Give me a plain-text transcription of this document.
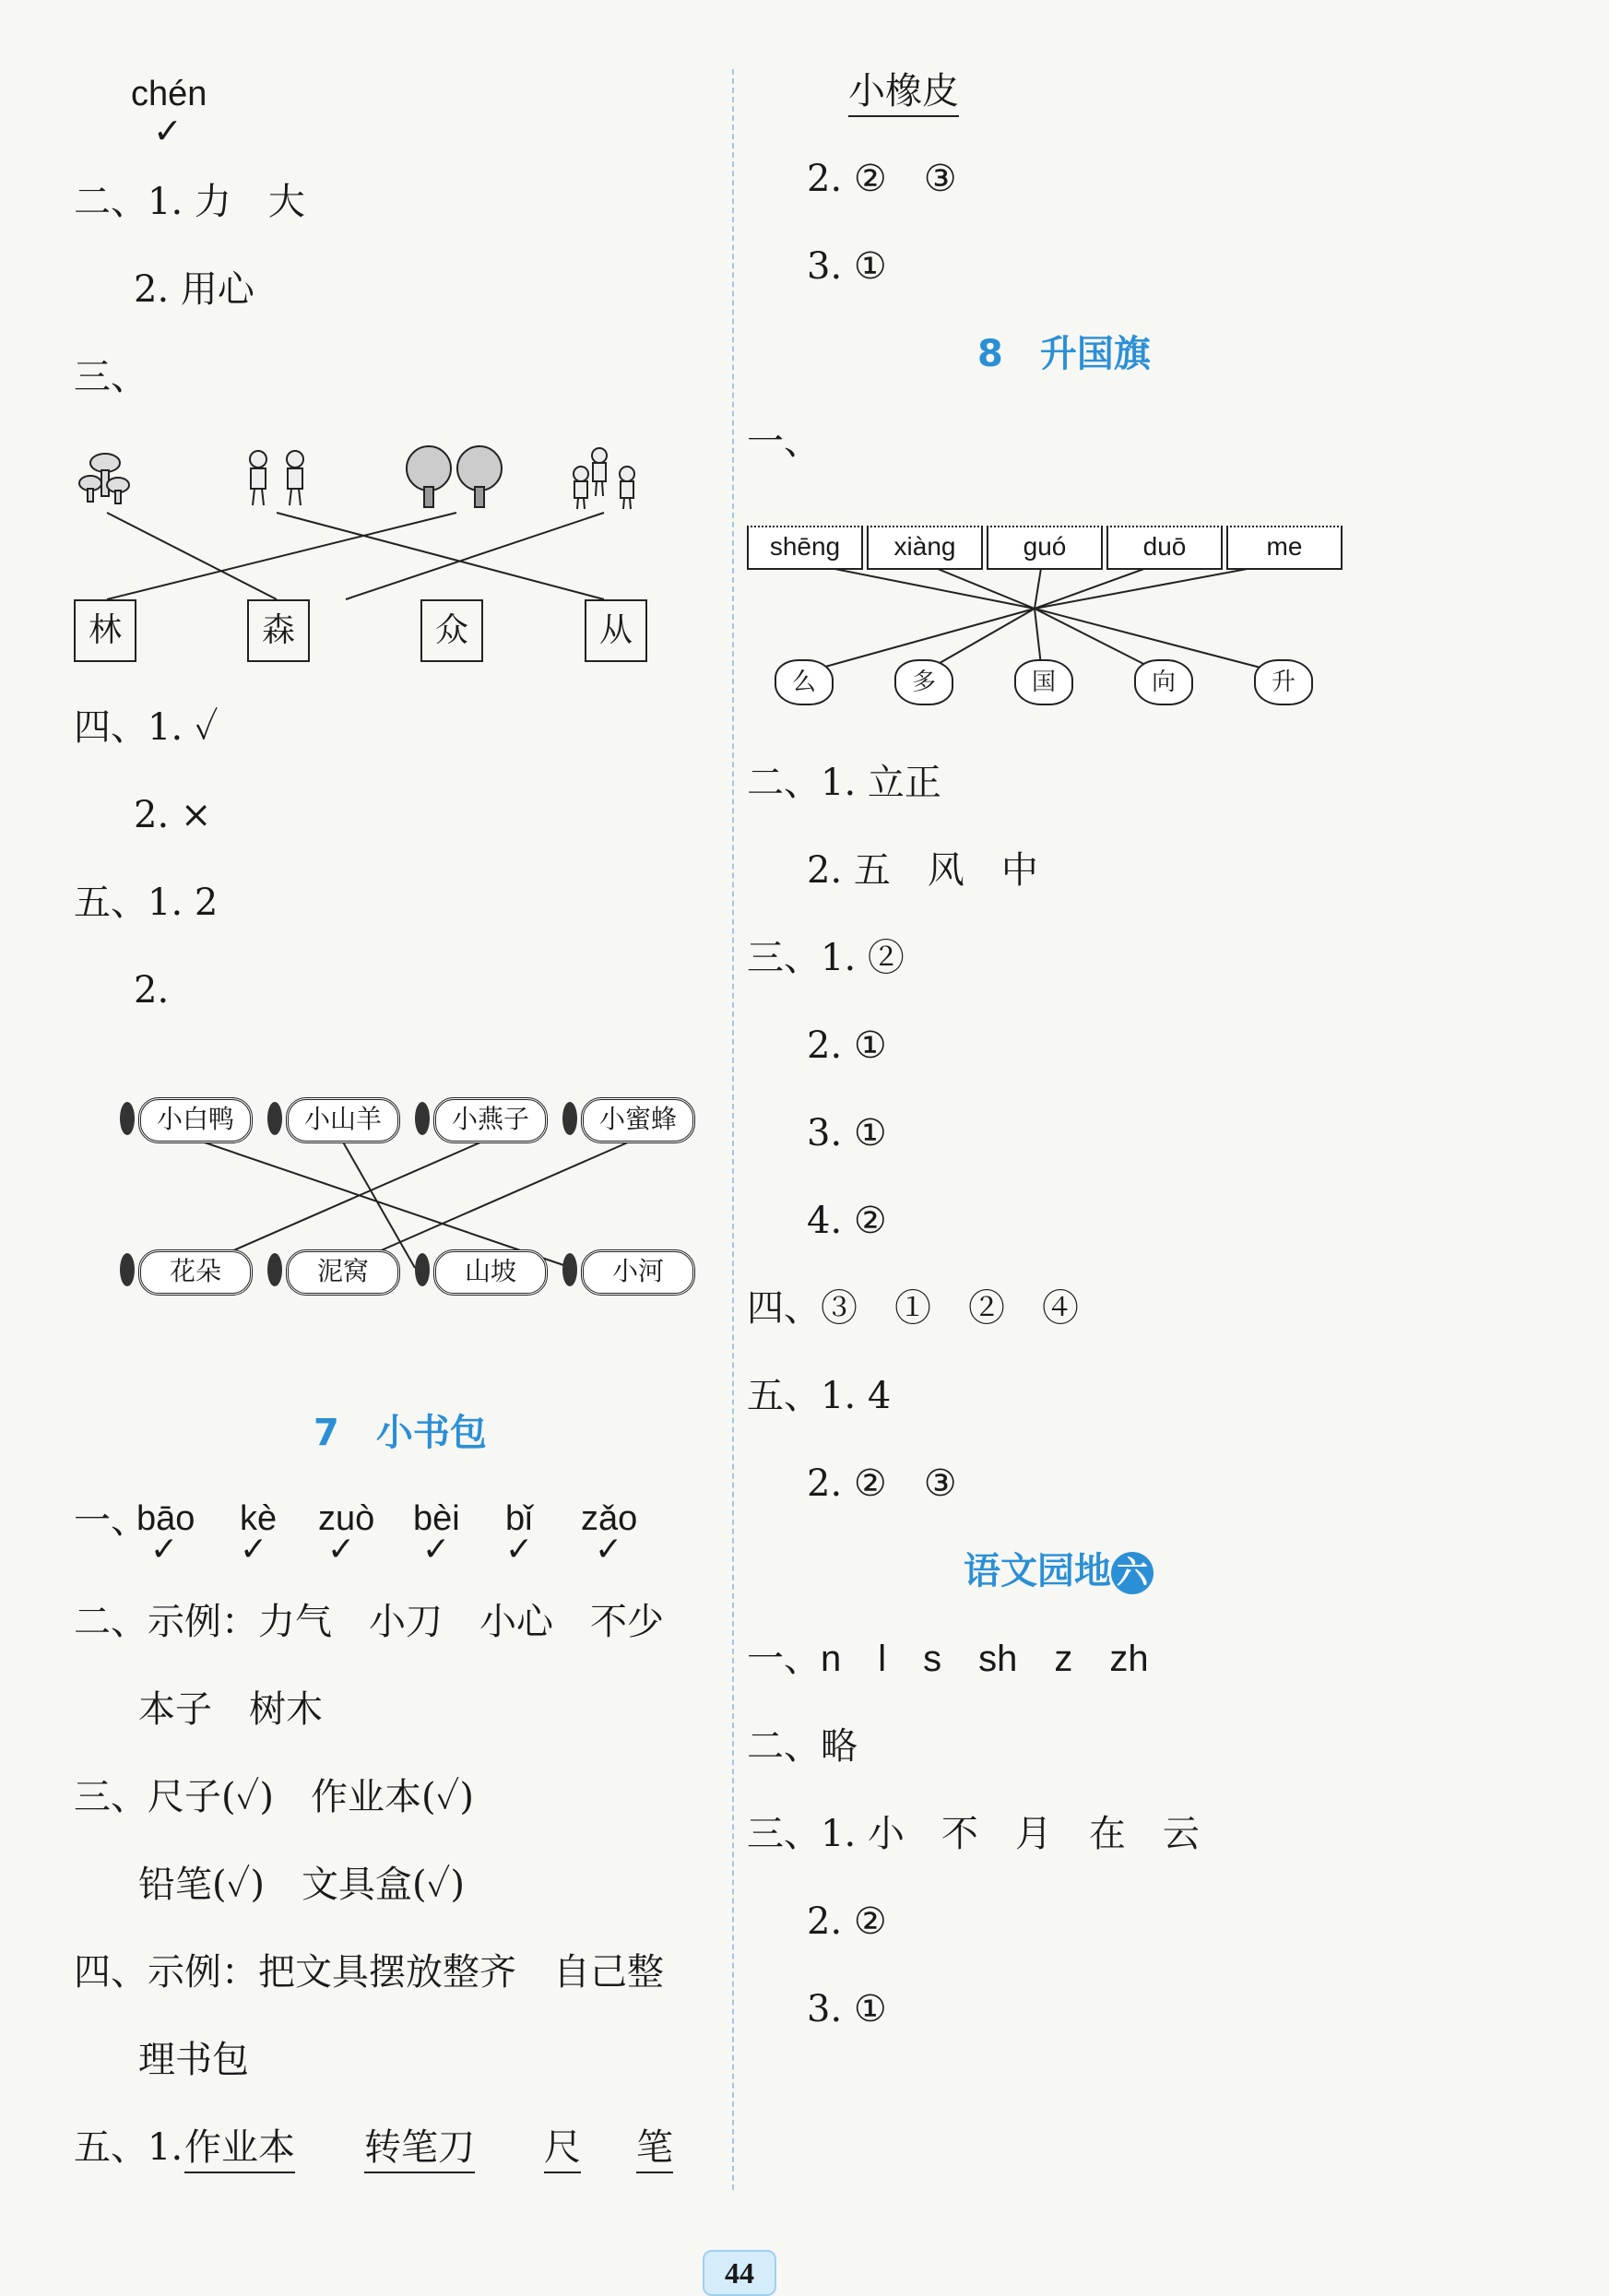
chén
✓
二、1. 力　大
2. 用心
三、
林	森	众	从
四、1. ✓
2. ×
五、1. 2
2.
小白鸭	小山羊	小燕子	小蜜蜂
花朵	泥窝	山坡	小河
7　小书包
一、
bāo kè zuò bèi bǐ zǎo
✓ ✓ ✓ ✓ ✓ ✓
二、示例：力气　小刀　小心　不少
本子　树木
三、尺子(✓)　作业本(✓)
铅笔(✓)　文具盒(✓)
四、示例：把文具摆放整齐　自己整
理书包
五、1. 作业本 转笔刀 尺 笔
小橡皮
2. ②　③
3. ①
8　升国旗
一、
shēng	xiàng	guó	duō	me
么	多	国	向	升
二、1. 立正
2. 五　风　中
三、1. ②
2. ①
3. ①
4. ②
四、③　①　②　④
五、1. 4
2. ②　③
语文园地 六
一、n　l　s　sh　z　zh
二、略
三、1. 小　不　月　在　云
2. ②
3. ①
44
